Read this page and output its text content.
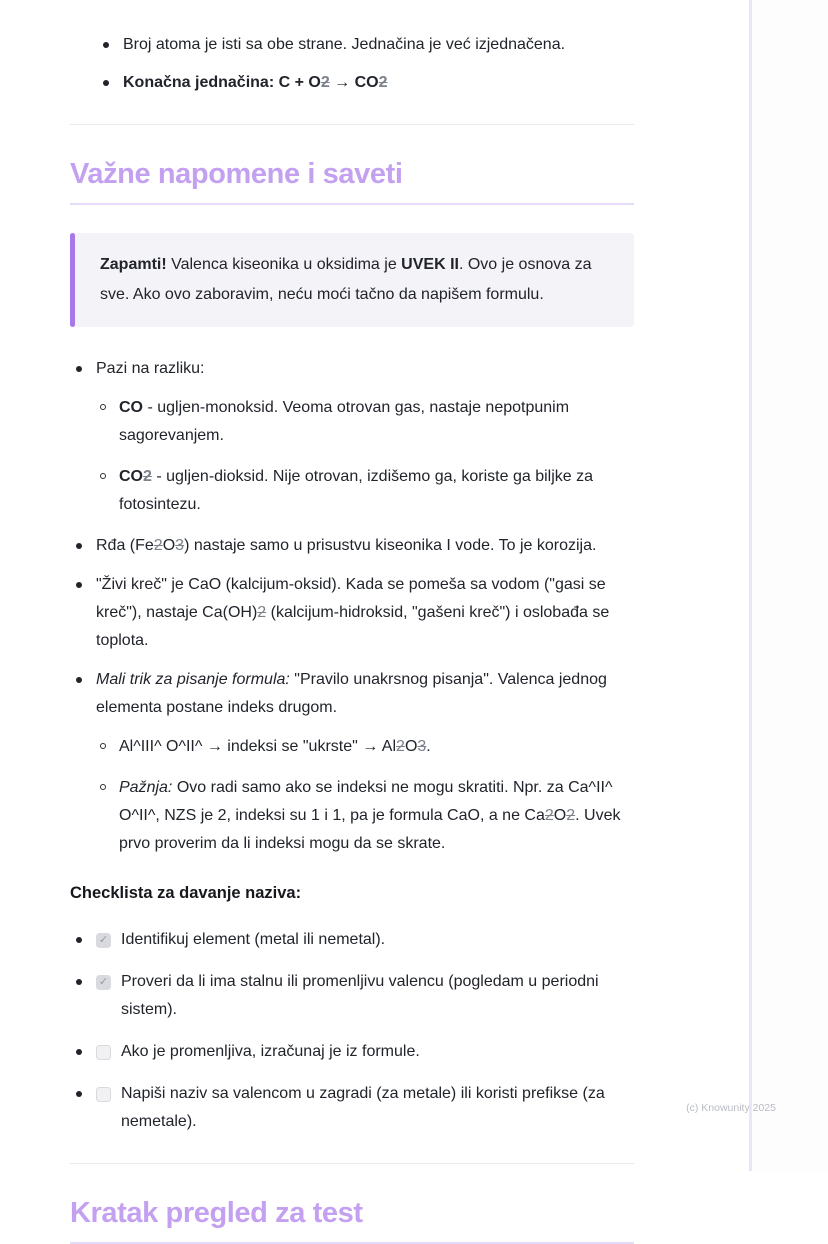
Broj atoma je isti sa obe strane. Jednačina je već izjednačena.
Konačna jednačina: C + O2 → CO2
Važne napomene i saveti
Zapamti! Valenca kiseonika u oksidima je UVEK II. Ovo je osnova za sve. Ako ovo zaboravim, neću moći tačno da napišem formulu.
Pazi na razliku:
CO - ugljen-monoksid. Veoma otrovan gas, nastaje nepotpunim sagorevanjem.
CO2 - ugljen-dioksid. Nije otrovan, izdišemo ga, koriste ga biljke za fotosintezu.
Rđa (Fe2O3) nastaje samo u prisustvu kiseonika I vode. To je korozija.
"Živi kreč" je CaO (kalcijum-oksid). Kada se pomeša sa vodom ("gasi se kreč"), nastaje Ca(OH)2 (kalcijum-hidroksid, "gašeni kreč") i oslobađa se toplota.
Mali trik za pisanje formula: "Pravilo unakrsnog pisanja". Valenca jednog elementa postane indeks drugom.
Al^III^ O^II^ → indeksi se "ukrste" → Al2O3.
Pažnja: Ovo radi samo ako se indeksi ne mogu skratiti. Npr. za Ca^II^ O^II^, NZS je 2, indeksi su 1 i 1, pa je formula CaO, a ne Ca2O2. Uvek prvo proverim da li indeksi mogu da se skrate.
Checklista za davanje naziva:
✓ Identifikuj element (metal ili nemetal).
✓ Proveri da li ima stalnu ili promenljivu valencu (pogledam u periodni sistem).
Ako je promenljiva, izračunaj je iz formule.
Napiši naziv sa valencom u zagradi (za metale) ili koristi prefikse (za nemetale).
Kratak pregled za test
(c) Knowunity 2025
